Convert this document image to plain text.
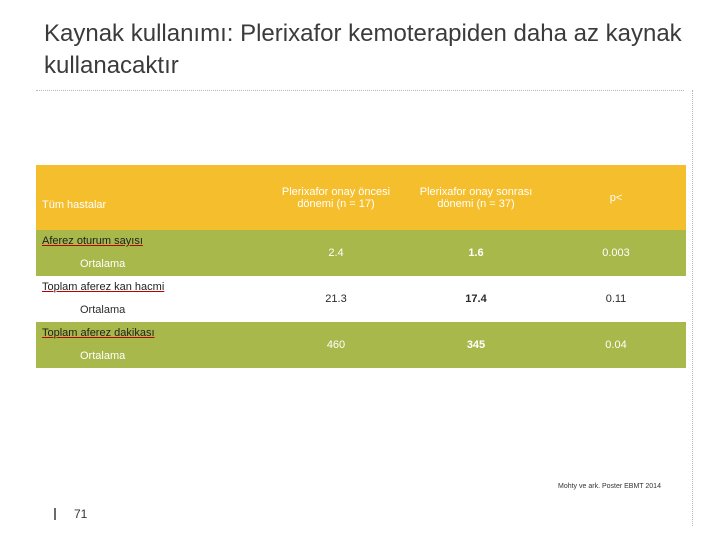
Kaynak kullanımı: Plerixafor kemoterapiden daha az kaynak kullanacaktır
Tüm hastalar	Plerixafor onay öncesi dönemi (n = 17)	Plerixafor onay sonrası dönemi (n = 37)	p<

Aferez oturum sayısı
Ortalama	2.4	1.6	0.003

Toplam aferez kan hacmi
Ortalama	21.3	17.4	0.11

Toplam aferez dakikası
Ortalama	460	345	0.04
Mohty ve ark. Poster EBMT 2014
71
